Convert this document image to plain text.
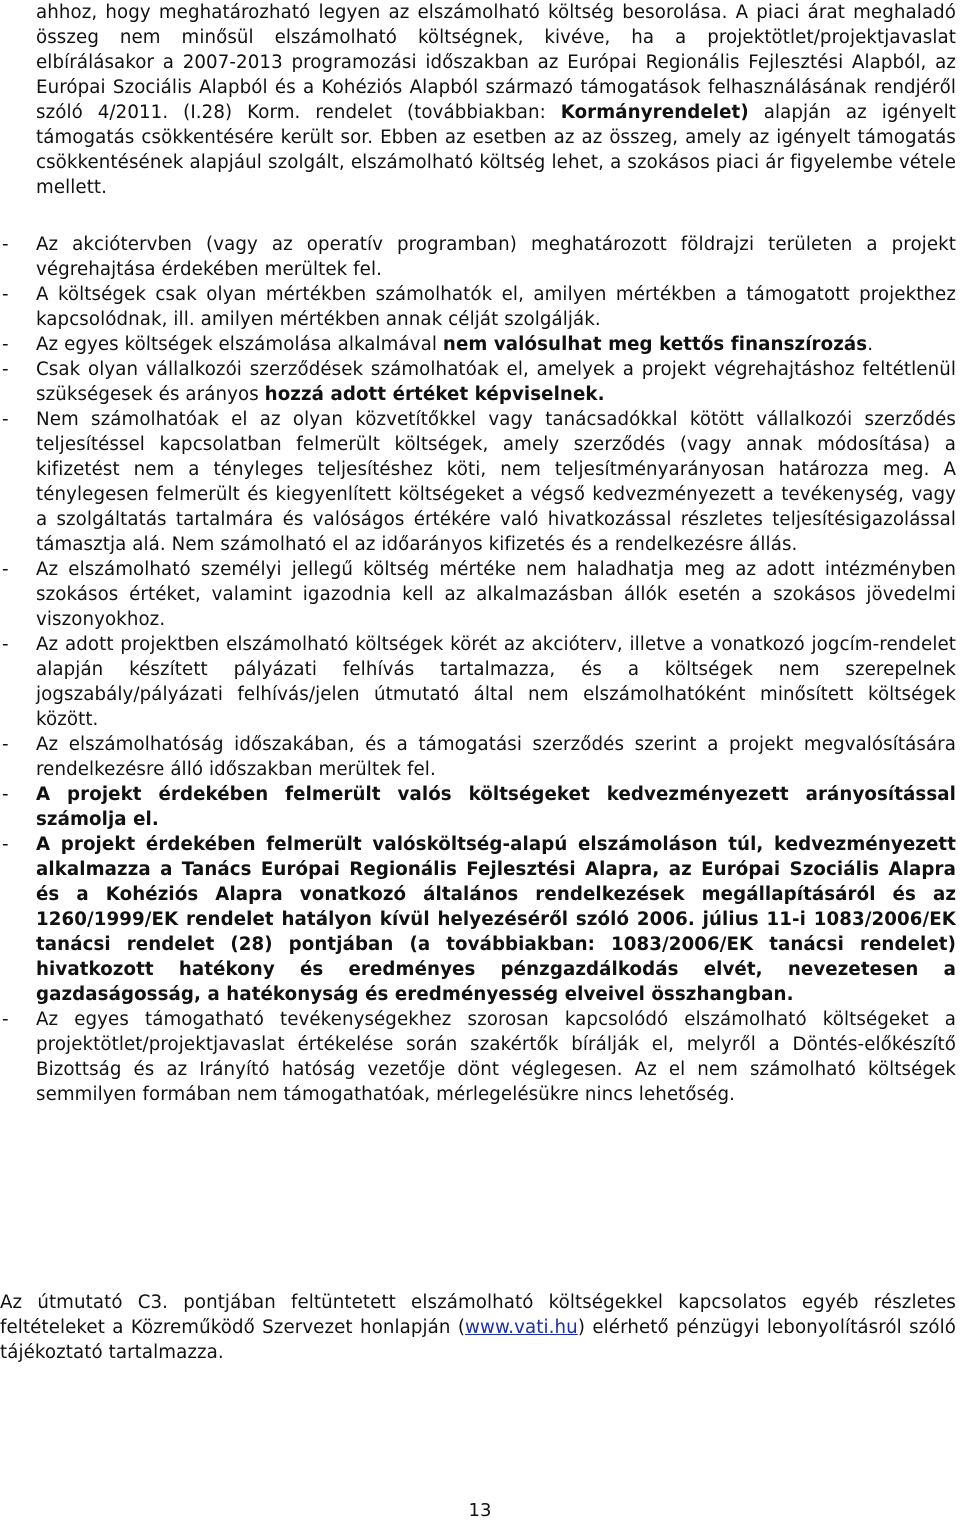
ahhoz, hogy meghatározható legyen az elszámolható költség besorolása. A piaci árat meghaladó összeg nem minősül elszámolható költségnek, kivéve, ha a projektötlet/projektjavaslat elbírálásakor a 2007-2013 programozási időszakban az Európai Regionális Fejlesztési Alapból, az Európai Szociális Alapból és a Kohéziós Alapból származó támogatások felhasználásának rendjéről szóló 4/2011. (I.28) Korm. rendelet (továbbiakban: Kormányrendelet) alapján az igényelt támogatás csökkentésére került sor. Ebben az esetben az az összeg, amely az igényelt támogatás csökkentésének alapjául szolgált, elszámolható költség lehet, a szokásos piaci ár figyelembe vétele mellett.

- Az akciótervben (vagy az operatív programban) meghatározott földrajzi területen a projekt végrehajtása érdekében merültek fel.

- A költségek csak olyan mértékben számolhatók el, amilyen mértékben a támogatott projekthez kapcsolódnak, ill. amilyen mértékben annak célját szolgálják.

- Az egyes költségek elszámolása alkalmával nem valósulhat meg kettős finanszírozás.

- Csak olyan vállalkozói szerződések számolhatóak el, amelyek a projekt végrehajtáshoz feltétlenül szükségesek és arányos hozzá adott értéket képviselnek.

- Nem számolhatóak el az olyan közvetítőkkel vagy tanácsadókkal kötött vállalkozói szerződés teljesítéssel kapcsolatban felmerült költségek, amely szerződés (vagy annak módosítása) a kifizetést nem a tényleges teljesítéshez köti, nem teljesítményarányosan határozza meg. A ténylegesen felmerült és kiegyenlített költségeket a végső kedvezményezett a tevékenység, vagy a szolgáltatás tartalmára és valóságos értékére való hivatkozással részletes teljesítésigazolással támasztja alá. Nem számolható el az időarányos kifizetés és a rendelkezésre állás.

- Az elszámolható személyi jellegű költség mértéke nem haladhatja meg az adott intézményben szokásos értéket, valamint igazodnia kell az alkalmazásban állók esetén a szokásos jövedelmi viszonyokhoz.

- Az adott projektben elszámolható költségek körét az akcióterv, illetve a vonatkozó jogcím-rendelet alapján készített pályázati felhívás tartalmazza, és a költségek nem szerepelnek jogszabály/pályázati felhívás/jelen útmutató által nem elszámolhatóként minősített költségek között.

- Az elszámolhatóság időszakában, és a támogatási szerződés szerint a projekt megvalósítására rendelkezésre álló időszakban merültek fel.

- A projekt érdekében felmerült valós költségeket kedvezményezett arányosítással számolja el.

- A projekt érdekében felmerült valósköltség-alapú elszámoláson túl, kedvezményezett alkalmazza a Tanács Európai Regionális Fejlesztési Alapra, az Európai Szociális Alapra és a Kohéziós Alapra vonatkozó általános rendelkezések megállapításáról és az 1260/1999/EK rendelet hatályon kívül helyezéséről szóló 2006. július 11-i 1083/2006/EK tanácsi rendelet (28) pontjában (a továbbiakban: 1083/2006/EK tanácsi rendelet) hivatkozott hatékony és eredményes pénzgazdálkodás elvét, nevezetesen a gazdaságosság, a hatékonyság és eredményesség elveivel összhangban.

- Az egyes támogatható tevékenységekhez szorosan kapcsolódó elszámolható költségeket a projektötlet/projektjavaslat értékelése során szakértők bírálják el, melyről a Döntés-előkészítő Bizottság és az Irányító hatóság vezetője dönt véglegesen. Az el nem számolható költségek semmilyen formában nem támogathatóak, mérlegelésükre nincs lehetőség.

Az útmutató C3. pontjában feltüntetett elszámolható költségekkel kapcsolatos egyéb részletes feltételeket a Közreműködő Szervezet honlapján (www.vati.hu) elérhető pénzügyi lebonyolításról szóló tájékoztató tartalmazza.
13
